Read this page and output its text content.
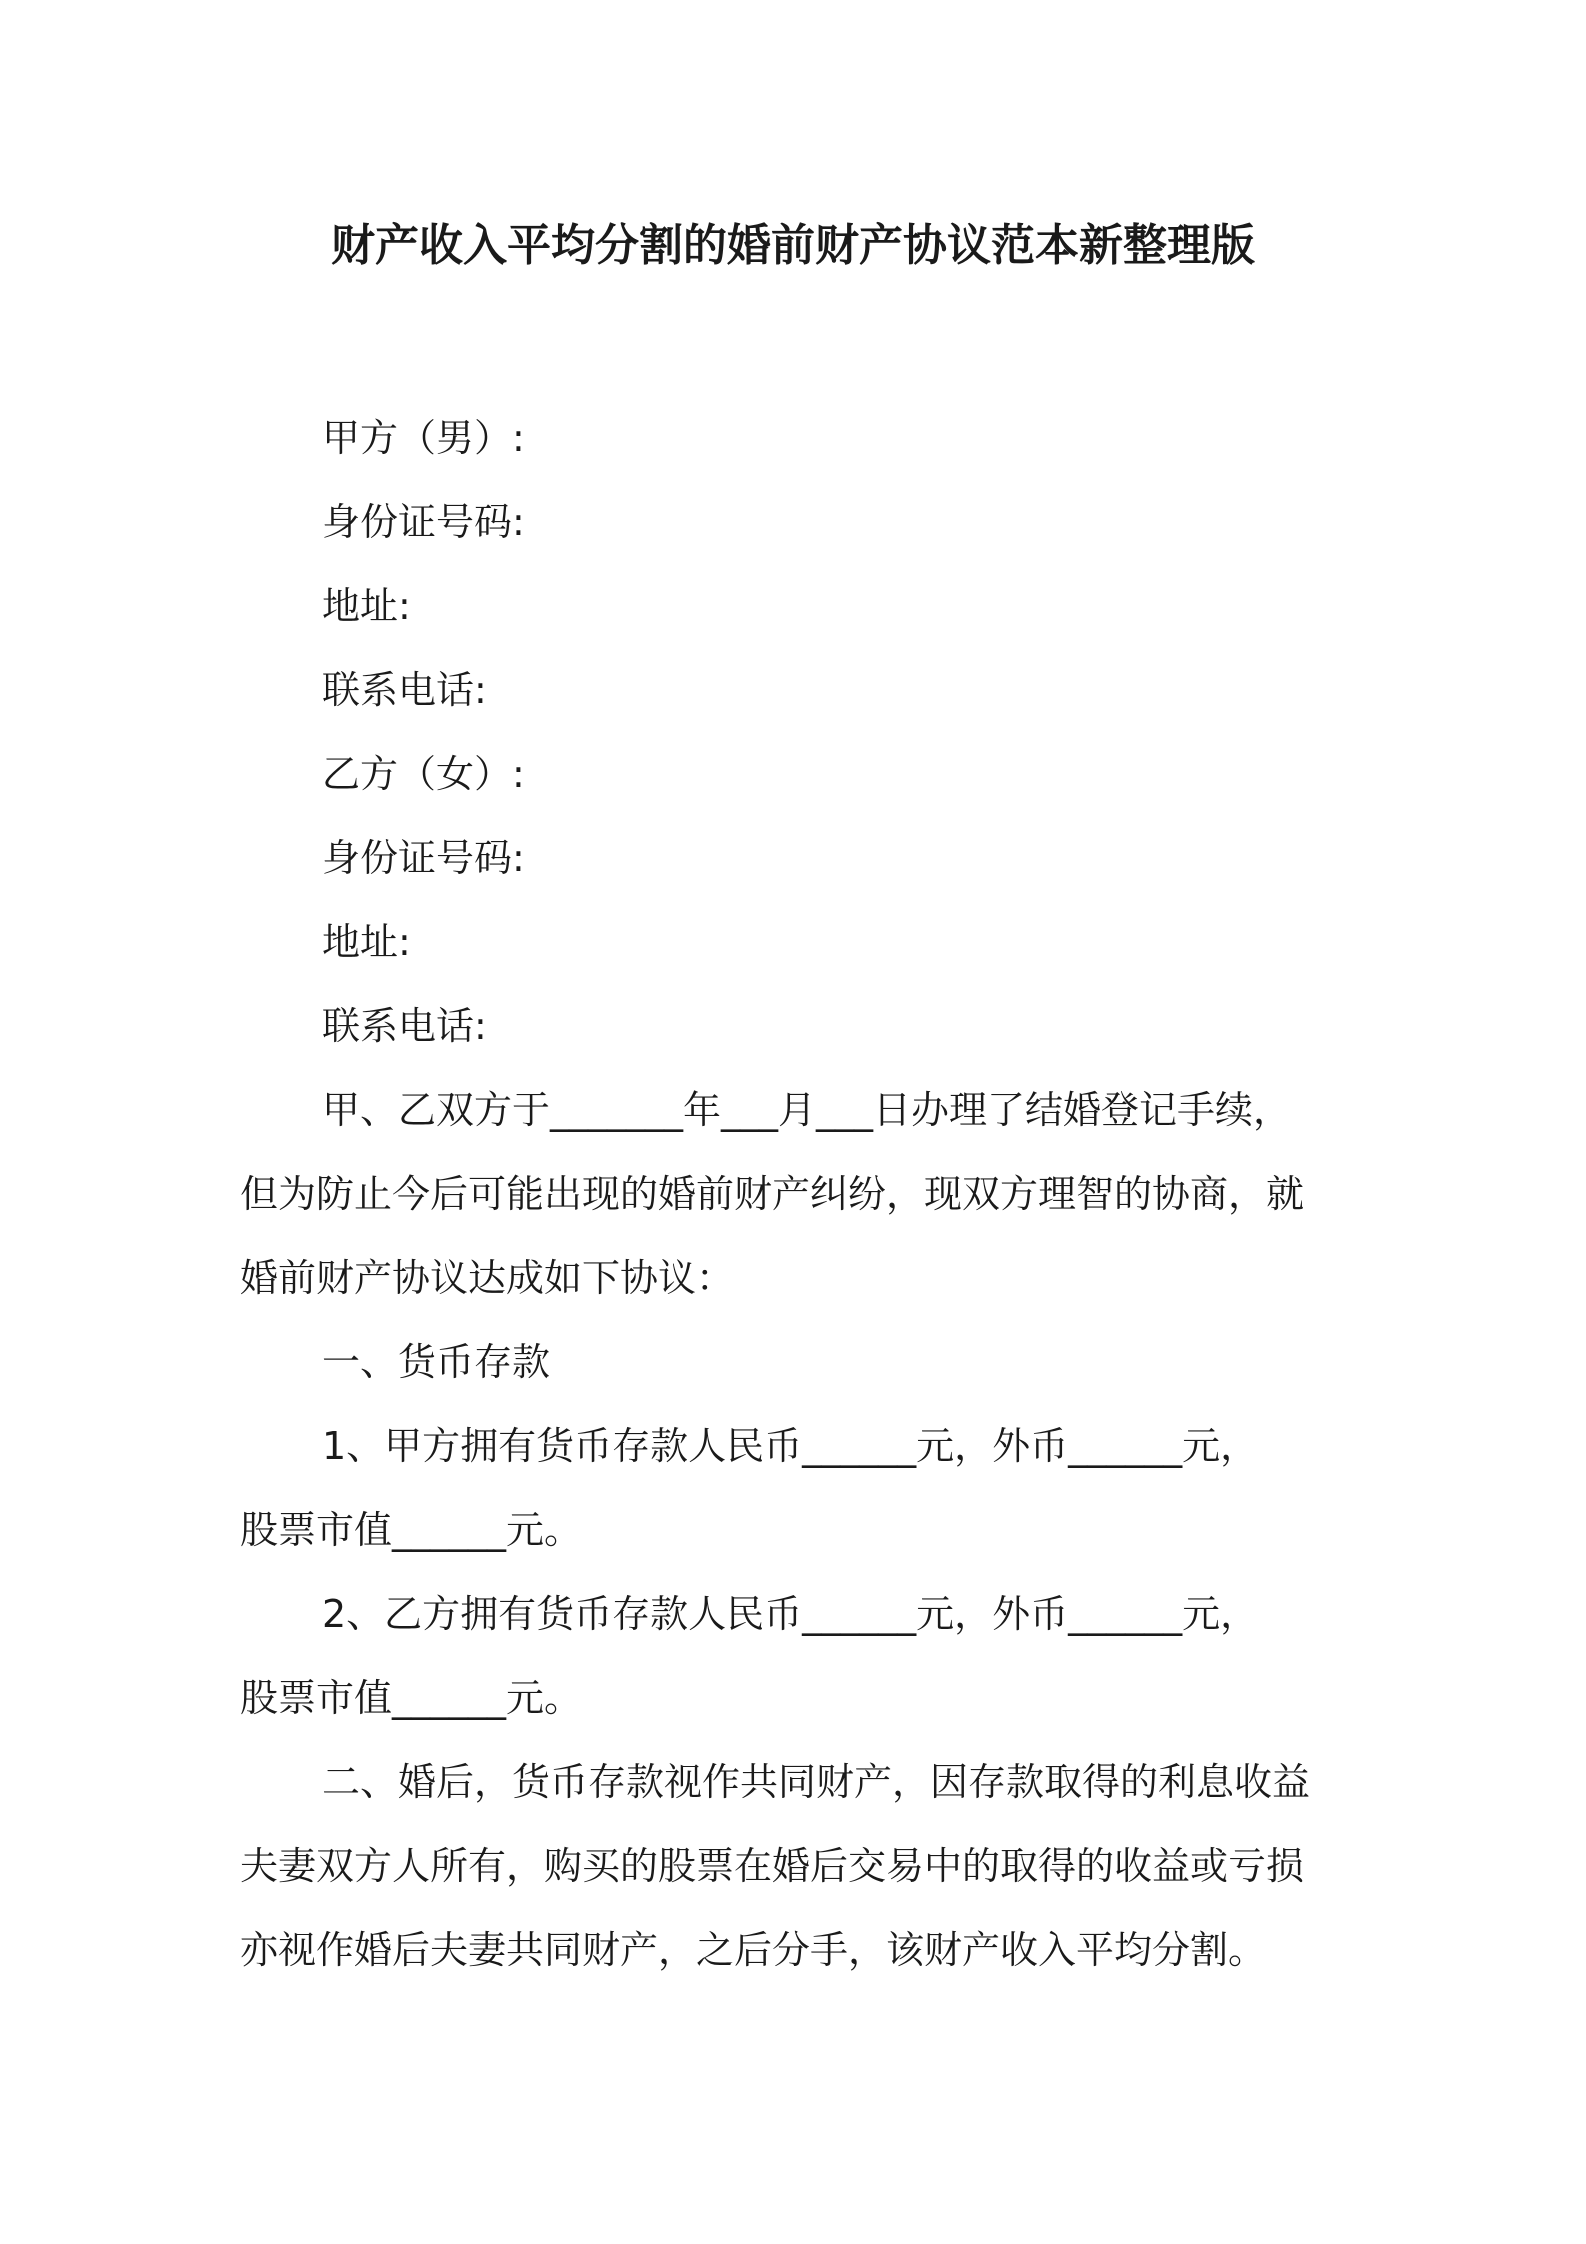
财产收入平均分割的婚前财产协议范本新整理版
甲方（男）:
身份证号码:
地址:
联系电话:
乙方（女）:
身份证号码:
地址:
联系电话:
甲、乙双方于_______年___月___日办理了结婚登记手续，
但为防止今后可能出现的婚前财产纠纷，现双方理智的协商，就
婚前财产协议达成如下协议：
一、货币存款
1、甲方拥有货币存款人民币______元，外币______元，
股票市值______元。
2、乙方拥有货币存款人民币______元，外币______元，
股票市值______元。
二、婚后，货币存款视作共同财产，因存款取得的利息收益
夫妻双方人所有，购买的股票在婚后交易中的取得的收益或亏损
亦视作婚后夫妻共同财产，之后分手，该财产收入平均分割。
